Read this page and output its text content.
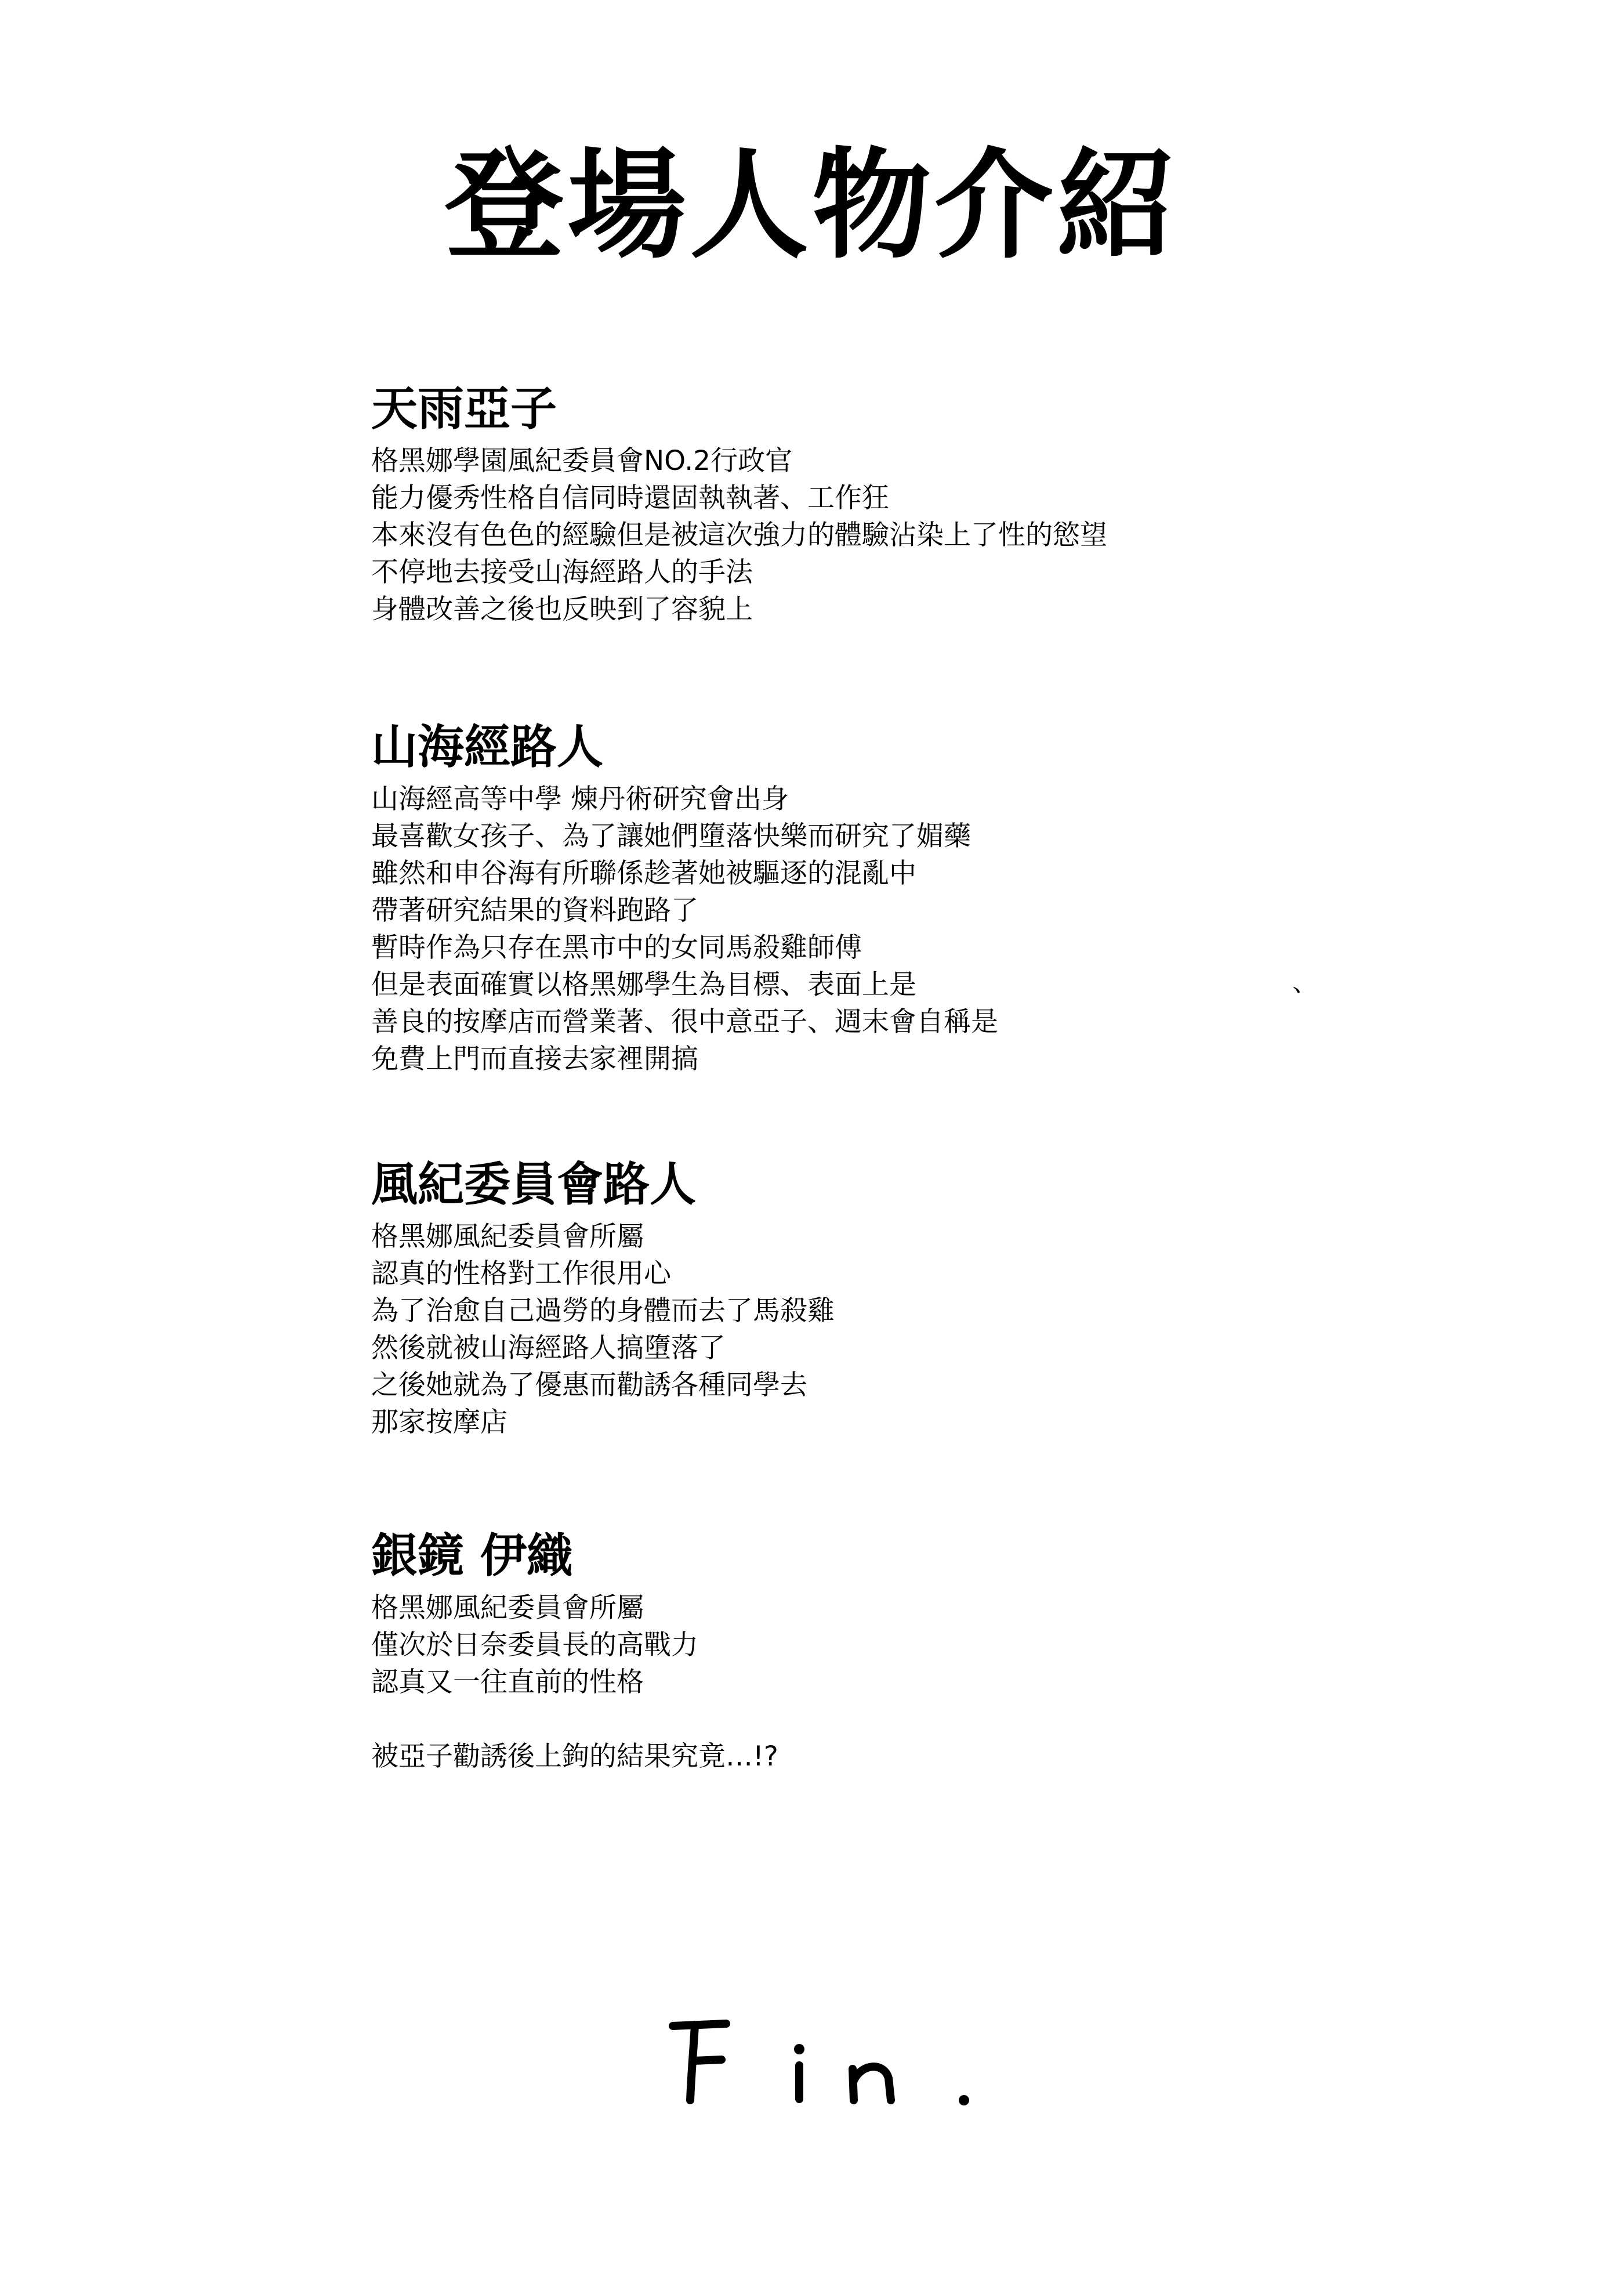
登場人物介紹
天雨亞子
格黑娜學園風紀委員會NO.2行政官
能力優秀性格自信同時還固執執著、工作狂
本來沒有色色的經驗但是被這次強力的體驗沾染上了性的慾望
不停地去接受山海經路人的手法
身體改善之後也反映到了容貌上
山海經路人
山海經高等中學 煉丹術研究會出身
最喜歡女孩子、為了讓她們墮落快樂而研究了媚藥
雖然和申谷海有所聯係趁著她被驅逐的混亂中
帶著研究結果的資料跑路了
暫時作為只存在黑市中的女同馬殺雞師傅
但是表面確實以格黑娜學生為目標、表面上是
善良的按摩店而營業著、很中意亞子、週末會自稱是
免費上門而直接去家裡開搞
、
風紀委員會路人
格黑娜風紀委員會所屬
認真的性格對工作很用心
為了治愈自己過勞的身體而去了馬殺雞
然後就被山海經路人搞墮落了
之後她就為了優惠而勸誘各種同學去
那家按摩店
銀鏡 伊織
格黑娜風紀委員會所屬
僅次於日奈委員長的高戰力
認真又一往直前的性格
被亞子勸誘後上鉤的結果究竟…!?
